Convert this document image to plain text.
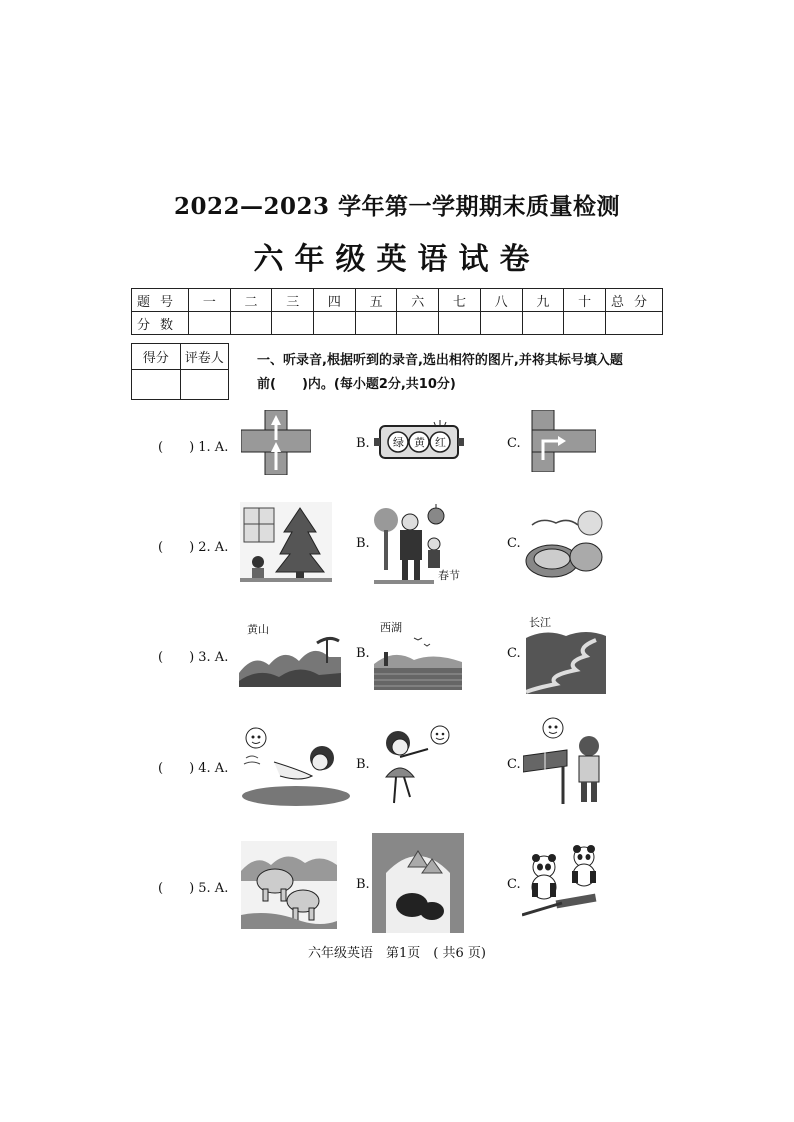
2022—2023 学年第一学期期末质量检测
六年级英语试卷
题号	一	二	三	四	五	六	七	八	九	十	总分
分数											
得分	评卷人
		一、听录音,根据听到的录音,选出相符的图片,并将其标号填入题
前(　　)内。(每小题2分,共10分)
(　　) 1. A.	B.	C.
(　　) 2. A.	B.	C.
(　　) 3. A.	B.	C.
(　　) 4. A.	B.	C.
(　　) 5. A.	B.	C.
绿 黄 红
春节
黄山	西湖	长江
六年级英语　第1页　( 共6 页)
